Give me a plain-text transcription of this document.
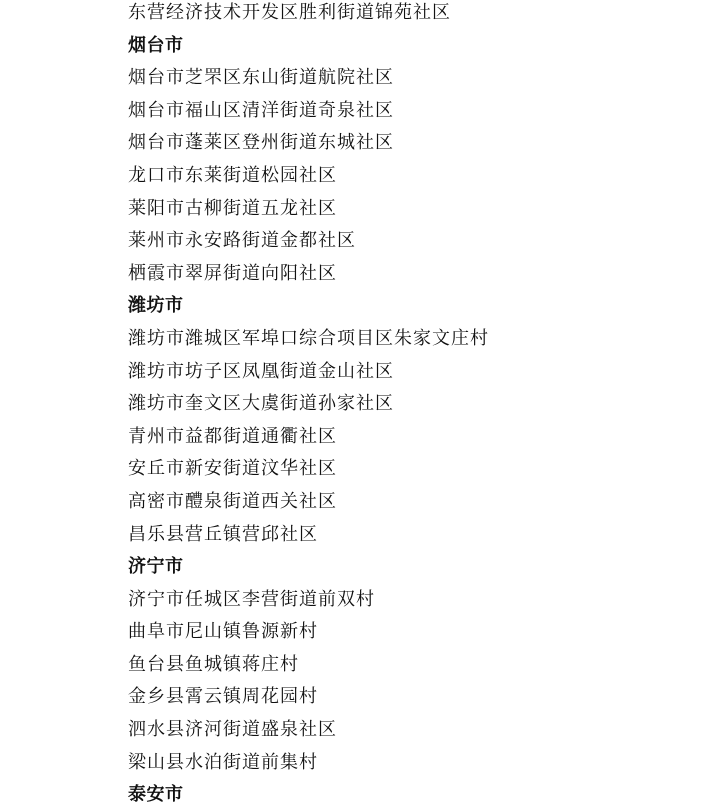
东营经济技术开发区胜利街道锦苑社区
烟台市
烟台市芝罘区东山街道航院社区
烟台市福山区清洋街道奇泉社区
烟台市蓬莱区登州街道东城社区
龙口市东莱街道松园社区
莱阳市古柳街道五龙社区
莱州市永安路街道金都社区
栖霞市翠屏街道向阳社区
潍坊市
潍坊市潍城区军埠口综合项目区朱家文庄村
潍坊市坊子区凤凰街道金山社区
潍坊市奎文区大虞街道孙家社区
青州市益都街道通衢社区
安丘市新安街道汶华社区
高密市醴泉街道西关社区
昌乐县营丘镇营邱社区
济宁市
济宁市任城区李营街道前双村
曲阜市尼山镇鲁源新村
鱼台县鱼城镇蒋庄村
金乡县霄云镇周花园村
泗水县济河街道盛泉社区
梁山县水泊街道前集村
泰安市
